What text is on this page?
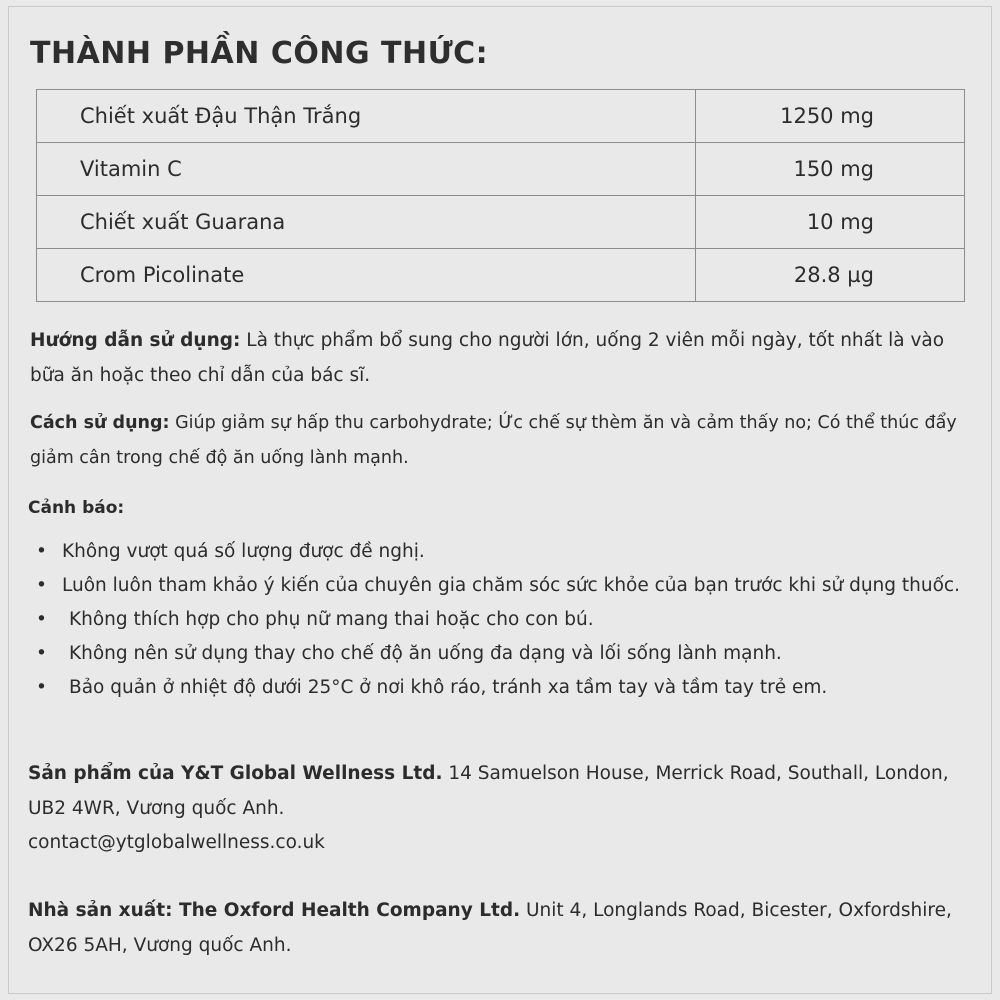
THÀNH PHẦN CÔNG THỨC:
Chiết xuất Đậu Thận Trắng	1250 mg
Vitamin C	150 mg
Chiết xuất Guarana	10 mg
Crom Picolinate	28.8 µg

Hướng dẫn sử dụng: Là thực phẩm bổ sung cho người lớn, uống 2 viên mỗi ngày, tốt nhất là vào bữa ăn hoặc theo chỉ dẫn của bác sĩ.

Cách sử dụng: Giúp giảm sự hấp thu carbohydrate; Ức chế sự thèm ăn và cảm thấy no; Có thể thúc đẩy giảm cân trong chế độ ăn uống lành mạnh.

Cảnh báo:

• Không vượt quá số lượng được đề nghị.
• Luôn luôn tham khảo ý kiến của chuyên gia chăm sóc sức khỏe của bạn trước khi sử dụng thuốc.
• Không thích hợp cho phụ nữ mang thai hoặc cho con bú.
• Không nên sử dụng thay cho chế độ ăn uống đa dạng và lối sống lành mạnh.
• Bảo quản ở nhiệt độ dưới 25°C ở nơi khô ráo, tránh xa tầm tay và tầm tay trẻ em.

Sản phẩm của Y&T Global Wellness Ltd. 14 Samuelson House, Merrick Road, Southall, London, UB2 4WR, Vương quốc Anh.

contact@ytglobalwellness.co.uk

Nhà sản xuất: The Oxford Health Company Ltd. Unit 4, Longlands Road, Bicester, Oxfordshire, OX26 5AH, Vương quốc Anh.
